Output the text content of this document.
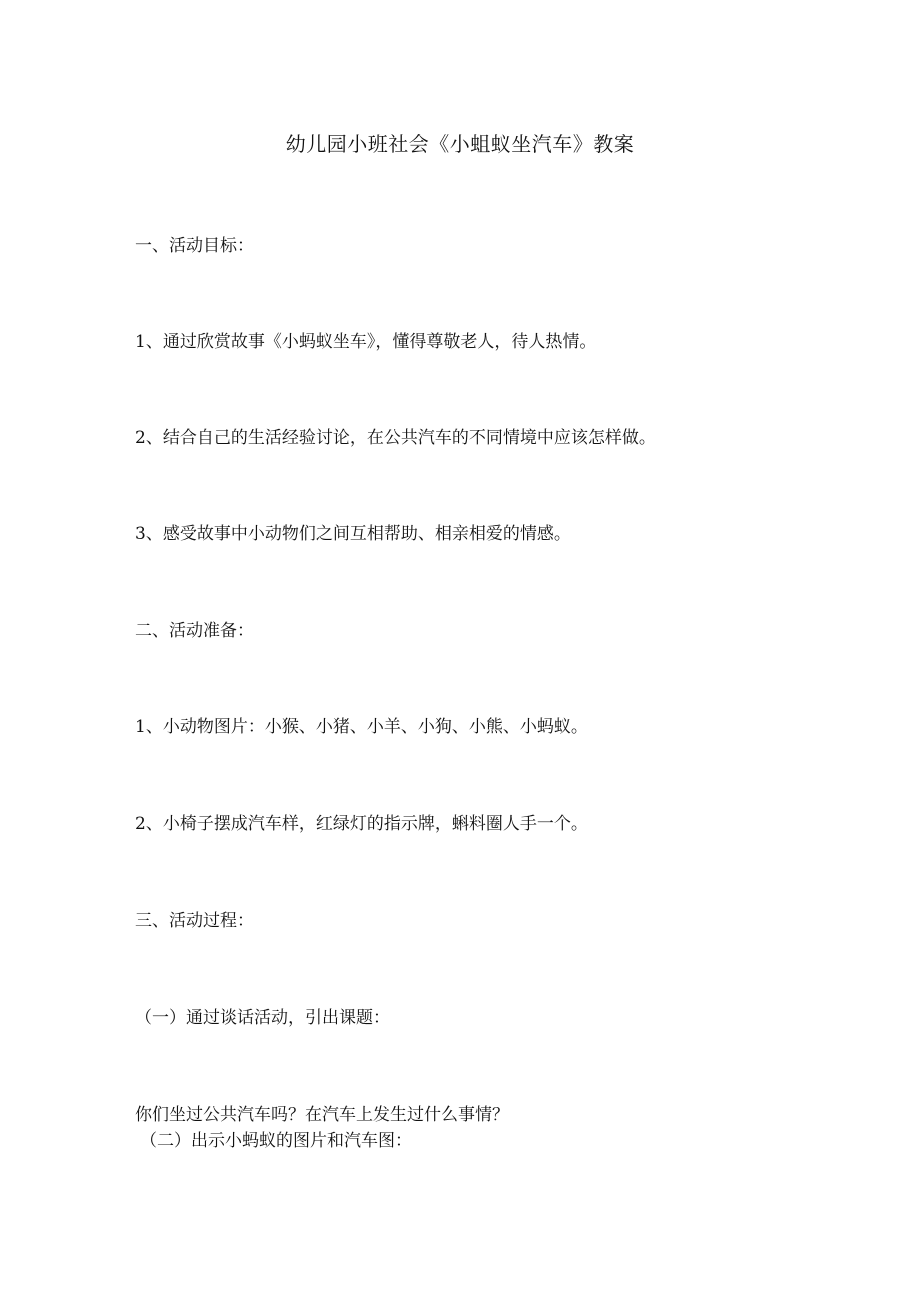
幼儿园小班社会《小蛆蚁坐汽车》教案
一、活动目标：
1、通过欣赏故事《小蚂蚁坐车》，懂得尊敬老人，待人热情。
2、结合自己的生活经验讨论，在公共汽车的不同情境中应该怎样做。
3、感受故事中小动物们之间互相帮助、相亲相爱的情感。
二、活动准备：
1、小动物图片：小猴、小猪、小羊、小狗、小熊、小蚂蚁。
2、小椅子摆成汽车样，红绿灯的指示牌，蝌料圈人手一个。
三、活动过程：
（一）通过谈话活动，引出课题：
你们坐过公共汽车吗？在汽车上发生过什么事情？
（二）出示小蚂蚁的图片和汽车图：
